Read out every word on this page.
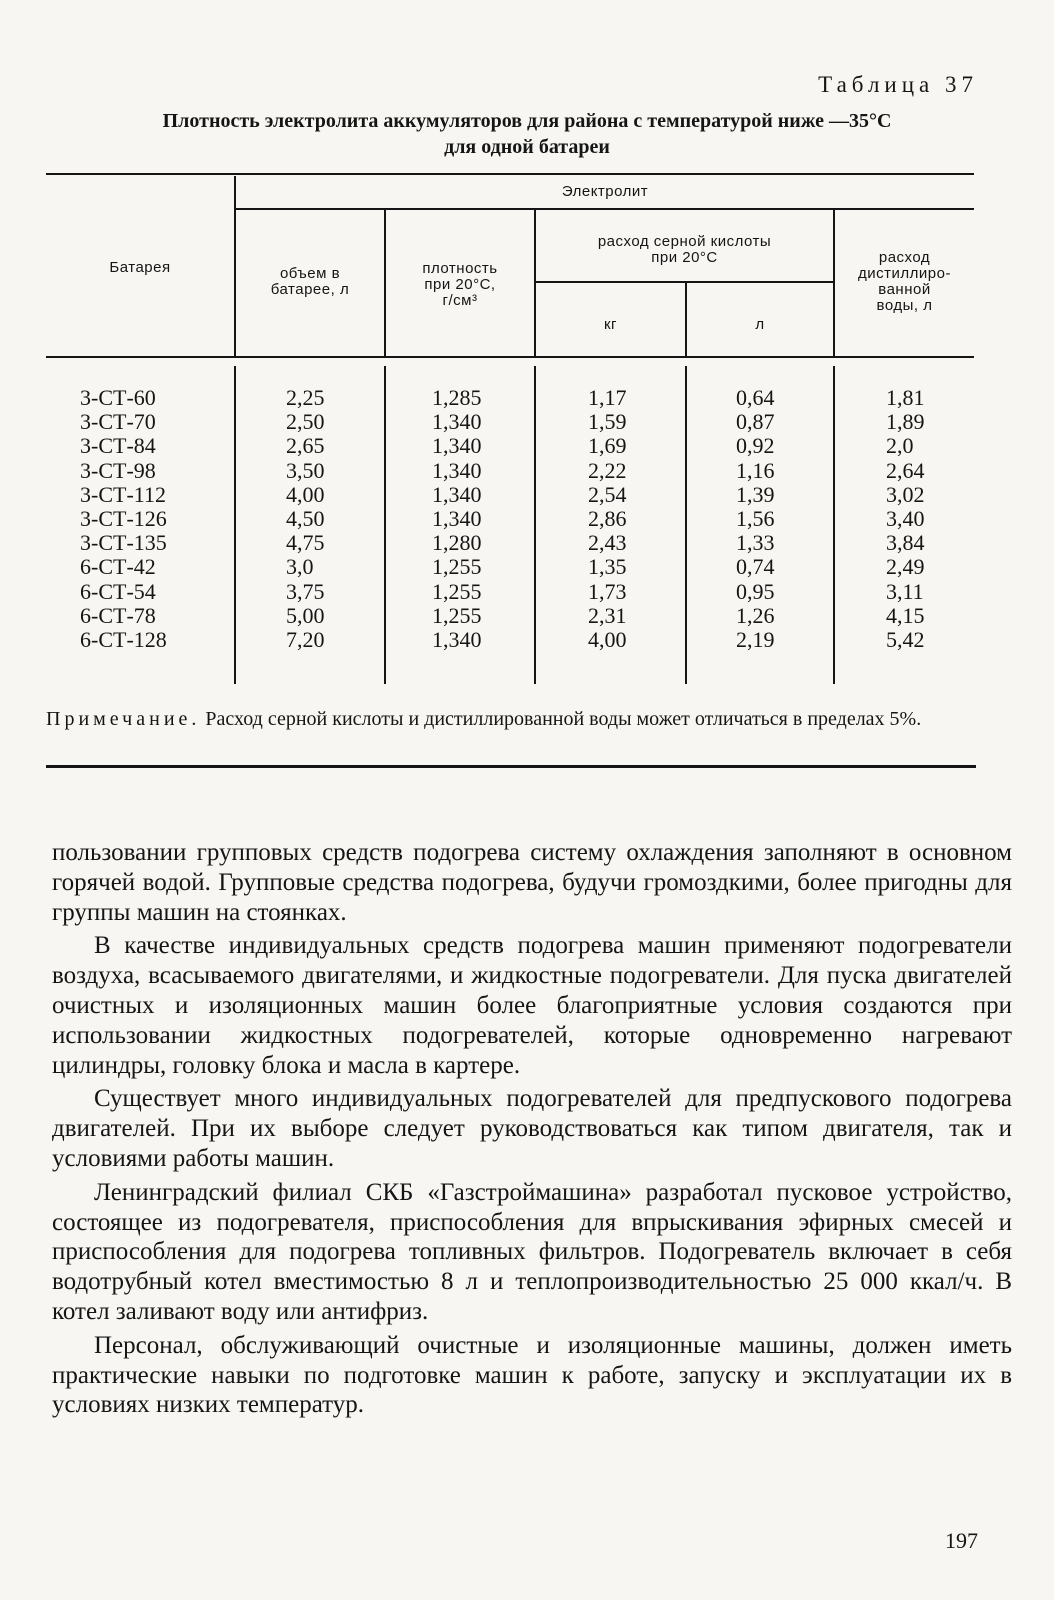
Таблица 37
Плотность электролита аккумуляторов для района с температурой ниже —35°С
для одной батареи
Батарея
Электролит
объем в
батарее, л
плотность
при 20°С,
г/см³
расход серной кислоты
при 20°С
кг	л
расход
дистиллиро-
ванной
воды, л
3-СТ-60
3-СТ-70
3-СТ-84
3-СТ-98
3-СТ-112
3-СТ-126
3-СТ-135
6-СТ-42
6-СТ-54
6-СТ-78
6-СТ-128
2,25
2,50
2,65
3,50
4,00
4,50
4,75
3,0
3,75
5,00
7,20
1,285
1,340
1,340
1,340
1,340
1,340
1,280
1,255
1,255
1,255
1,340
1,17
1,59
1,69
2,22
2,54
2,86
2,43
1,35
1,73
2,31
4,00
0,64
0,87
0,92
1,16
1,39
1,56
1,33
0,74
0,95
1,26
2,19
1,81
1,89
2,0
2,64
3,02
3,40
3,84
2,49
3,11
4,15
5,42
Примечание. Расход серной кислоты и дистиллированной воды может отличаться в пределах 5%.

пользовании групповых средств подогрева систему охлаждения заполняют в основном горячей водой. Групповые средства подогрева, будучи громоздкими, более пригодны для группы машин на стоянках.

В качестве индивидуальных средств подогрева машин применяют подогреватели воздуха, всасываемого двигателями, и жидкостные подогреватели. Для пуска двигателей очистных и изоляционных машин более благоприятные условия создаются при использовании жидкостных подогревателей, которые одновременно нагревают цилиндры, головку блока и масла в картере.

Существует много индивидуальных подогревателей для предпускового подогрева двигателей. При их выборе следует руководствоваться как типом двигателя, так и условиями работы машин.

Ленинградский филиал СКБ «Газстроймашина» разработал пусковое устройство, состоящее из подогревателя, приспособления для впрыскивания эфирных смесей и приспособления для подогрева топливных фильтров. Подогреватель включает в себя водотрубный котел вместимостью 8 л и теплопроизводительностью 25 000 ккал/ч. В котел заливают воду или антифриз.

Персонал, обслуживающий очистные и изоляционные машины, должен иметь практические навыки по подготовке машин к работе, запуску и эксплуатации их в условиях низких температур.

197
